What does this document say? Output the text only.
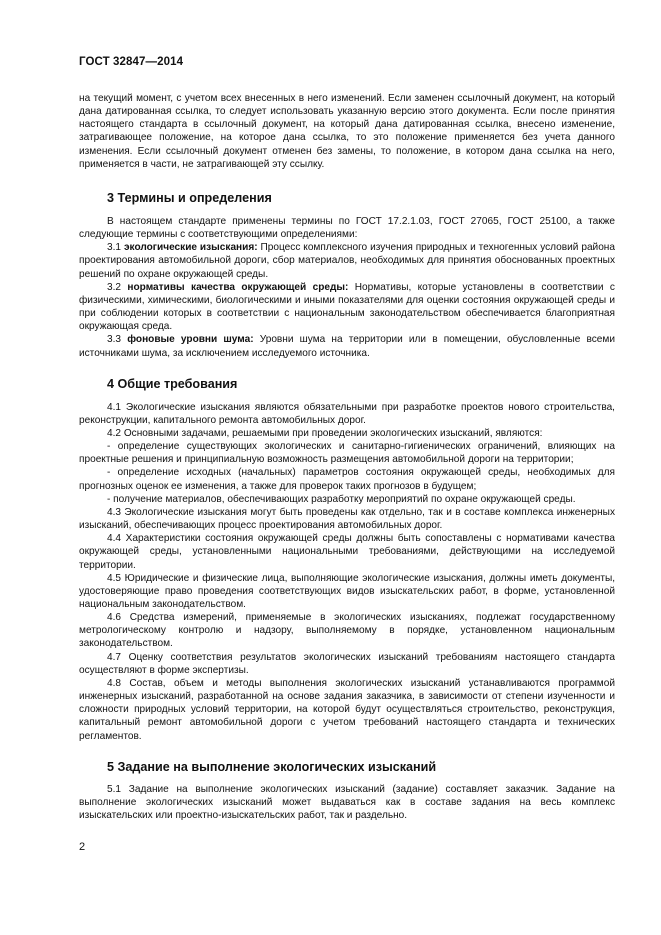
ГОСТ 32847—2014

на текущий момент, с учетом всех внесенных в него изменений. Если заменен ссылочный документ, на который дана датированная ссылка, то следует использовать указанную версию этого документа. Если после принятия настоящего стандарта в ссылочный документ, на который дана датированная ссылка, внесено изменение, затрагивающее положение, на которое дана ссылка, то это положение применяется без учета данного изменения. Если ссылочный документ отменен без замены, то положение, в котором дана ссылка на него, применяется в части, не затрагивающей эту ссылку.

3 Термины и определения

В настоящем стандарте применены термины по ГОСТ 17.2.1.03, ГОСТ 27065, ГОСТ 25100, а также следующие термины с соответствующими определениями:

3.1 экологические изыскания: Процесс комплексного изучения природных и техногенных условий района проектирования автомобильной дороги, сбор материалов, необходимых для принятия обоснованных проектных решений по охране окружающей среды.

3.2 нормативы качества окружающей среды: Нормативы, которые установлены в соответствии с физическими, химическими, биологическими и иными показателями для оценки состояния окружающей среды и при соблюдении которых в соответствии с национальным законодательством обеспечивается благоприятная окружающая среда.

3.3 фоновые уровни шума: Уровни шума на территории или в помещении, обусловленные всеми источниками шума, за исключением исследуемого источника.

4 Общие требования

4.1 Экологические изыскания являются обязательными при разработке проектов нового строительства, реконструкции, капитального ремонта автомобильных дорог.

4.2 Основными задачами, решаемыми при проведении экологических изысканий, являются:

- определение существующих экологических и санитарно-гигиенических ограничений, влияющих на проектные решения и принципиальную возможность размещения автомобильной дороги на территории;

- определение исходных (начальных) параметров состояния окружающей среды, необходимых для прогнозных оценок ее изменения, а также для проверок таких прогнозов в будущем;

- получение материалов, обеспечивающих разработку мероприятий по охране окружающей среды.

4.3 Экологические изыскания могут быть проведены как отдельно, так и в составе комплекса инженерных изысканий, обеспечивающих процесс проектирования автомобильных дорог.

4.4 Характеристики состояния окружающей среды должны быть сопоставлены с нормативами качества окружающей среды, установленными национальными требованиями, действующими на исследуемой территории.

4.5 Юридические и физические лица, выполняющие экологические изыскания, должны иметь документы, удостоверяющие право проведения соответствующих видов изыскательских работ, в форме, установленной национальным законодательством.

4.6 Средства измерений, применяемые в экологических изысканиях, подлежат государственному метрологическому контролю и надзору, выполняемому в порядке, установленном национальным законодательством.

4.7 Оценку соответствия результатов экологических изысканий требованиям настоящего стандарта осуществляют в форме экспертизы.

4.8 Состав, объем и методы выполнения экологических изысканий устанавливаются программой инженерных изысканий, разработанной на основе задания заказчика, в зависимости от степени изученности и сложности природных условий территории, на которой будут осуществляться строительство, реконструкция, капитальный ремонт автомобильной дороги с учетом требований настоящего стандарта и технических регламентов.

5 Задание на выполнение экологических изысканий

5.1 Задание на выполнение экологических изысканий (задание) составляет заказчик. Задание на выполнение экологических изысканий может выдаваться как в составе задания на весь комплекс изыскательских или проектно-изыскательских работ, так и раздельно.

2
